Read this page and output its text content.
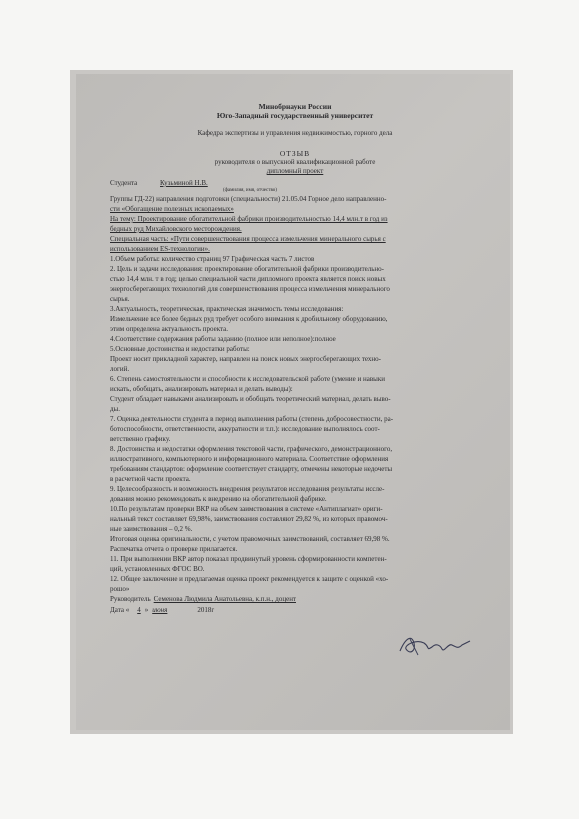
Минобрнауки России
Юго-Западный государственный университет
Кафедра экспертизы и управления недвижимостью, горного дела
ОТЗЫВ
руководителя о выпускной квалификационной работе
дипломный проект
Студента	Кузьминой Н.В.
(фамилия, имя, отчество)
Группы ГД-22) направления подготовки (специальности) 21.05.04 Горное дело направленно-
сти «Обогащение полезных ископаемых»
На тему: Проектирование обогатительной фабрики производительностью 14,4 млн.т в год из
бедных руд Михайловского месторождения.
Специальная часть: «Пути совершенствования процесса измельчения минерального сырья с
использованием ES-технологии».
1.Объем работы: количество страниц 97 Графическая часть 7 листов
2. Цель и задачи исследования: проектирование обогатительной фабрики производительно-
стью 14,4 млн. т в год; целью специальной части дипломного проекта является поиск новых
энергосберегающих технологий для совершенствования процесса измельчения минерального
сырья.
3.Актуальность, теоретическая, практическая значимость темы исследования:
Измельчение все более бедных руд требует особого внимания к дробильному оборудованию,
этим определена актуальность проекта.
4.Соответствие содержания работы заданию (полное или неполное):полное
5.Основные достоинства и недостатки работы:
Проект носит прикладной характер, направлен на поиск новых энергосберегающих техно-
логий.
6. Степень самостоятельности и способности к исследовательской работе (умение и навыки
искать, обобщать, анализировать материал и делать выводы):
Студент обладает навыками анализировать и обобщать теоретический материал, делать выво-
ды.
7. Оценка деятельности студента в период выполнения работы (степень добросовестности, ра-
ботоспособности, ответственности, аккуратности и т.п.): исследование выполнялось соот-
ветственно графику.
8. Достоинства и недостатки оформления текстовой части, графического, демонстрационного,
иллюстративного, компьютерного и информационного материала. Соответствие оформления
требованиям стандартов: оформление соответствует стандарту, отмечены некоторые недочеты
в расчетной части проекта.
9. Целесообразность и возможность внедрения результатов исследования результаты иссле-
дования можно рекомендовать к внедрению на обогатительной фабрике.
10.По результатам проверки ВКР на объем заимствования в системе «Антиплагиат» ориги-
нальный текст составляет 69,98%, заимствования составляют 29,82 %, из которых правомоч-
ные заимствования – 0,2 %.
Итоговая оценка оригинальности, с учетом правомочных заимствований, составляет 69,98 %.
Распечатка отчета о проверке прилагается.
11. При выполнении ВКР автор показал продвинутый уровень сформированности компетен-
ций, установленных ФГОС ВО.
12. Общее заключение и предлагаемая оценка проект рекомендуется к защите с оценкой «хо-
рошо»
Руководитель Семенова Людмила Анатольевна, к.п.н., доцент
Дата « 4 » июня	2018г
